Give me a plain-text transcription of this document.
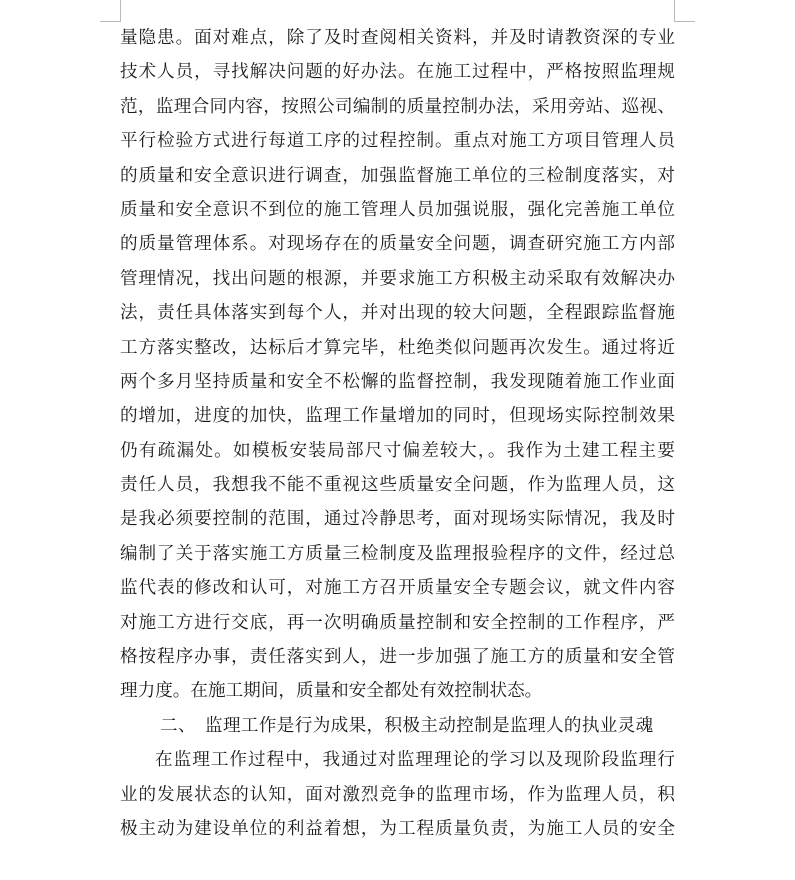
量隐患。面对难点，除了及时查阅相关资料，并及时请教资深的专业
技术人员，寻找解决问题的好办法。在施工过程中，严格按照监理规
范，监理合同内容，按照公司编制的质量控制办法，采用旁站、巡视、
平行检验方式进行每道工序的过程控制。重点对施工方项目管理人员
的质量和安全意识进行调查，加强监督施工单位的三检制度落实，对
质量和安全意识不到位的施工管理人员加强说服，强化完善施工单位
的质量管理体系。对现场存在的质量安全问题，调查研究施工方内部
管理情况，找出问题的根源，并要求施工方积极主动采取有效解决办
法，责任具体落实到每个人，并对出现的较大问题，全程跟踪监督施
工方落实整改，达标后才算完毕，杜绝类似问题再次发生。通过将近
两个多月坚持质量和安全不松懈的监督控制，我发现随着施工作业面
的增加，进度的加快，监理工作量增加的同时，但现场实际控制效果
仍有疏漏处。如模板安装局部尺寸偏差较大，。我作为土建工程主要
责任人员，我想我不能不重视这些质量安全问题，作为监理人员，这
是我必须要控制的范围，通过冷静思考，面对现场实际情况，我及时
编制了关于落实施工方质量三检制度及监理报验程序的文件，经过总
监代表的修改和认可，对施工方召开质量安全专题会议，就文件内容
对施工方进行交底，再一次明确质量控制和安全控制的工作程序，严
格按程序办事，责任落实到人，进一步加强了施工方的质量和安全管
理力度。在施工期间，质量和安全都处有效控制状态。
二、　监理工作是行为成果，积极主动控制是监理人的执业灵魂
在监理工作过程中，我通过对监理理论的学习以及现阶段监理行
业的发展状态的认知，面对激烈竞争的监理市场，作为监理人员，积
极主动为建设单位的利益着想，为工程质量负责，为施工人员的安全
